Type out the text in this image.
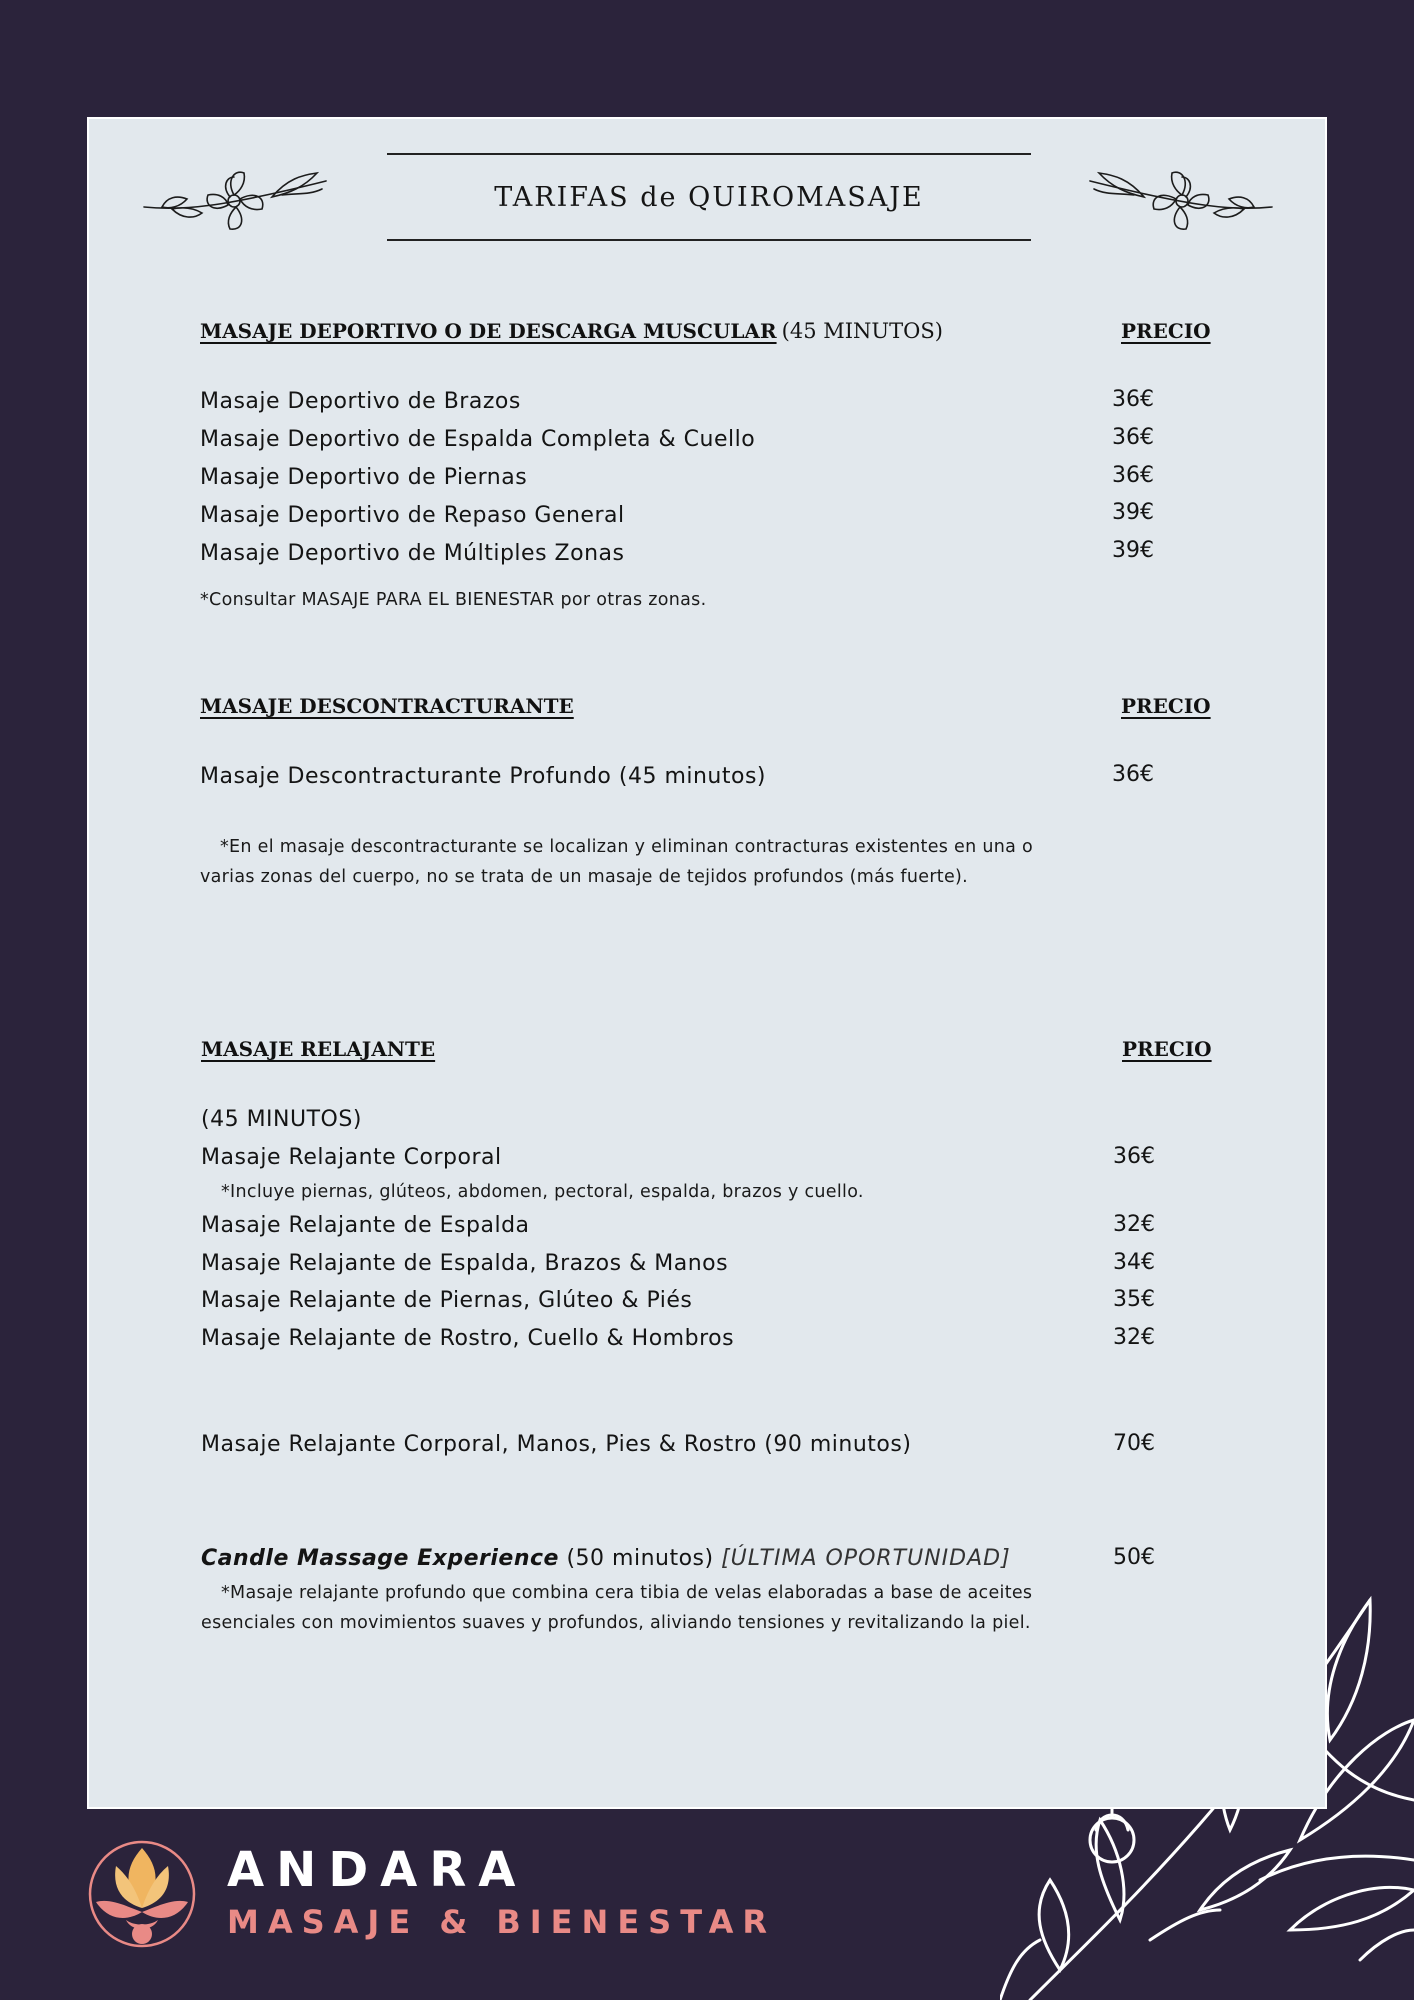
TARIFAS de QUIROMASAJE
MASAJE DEPORTIVO O DE DESCARGA MUSCULAR (45 MINUTOS)	PRECIO
Masaje Deportivo de Brazos	36€
Masaje Deportivo de Espalda Completa & Cuello	36€
Masaje Deportivo de Piernas	36€
Masaje Deportivo de Repaso General	39€
Masaje Deportivo de Múltiples Zonas	39€
*Consultar MASAJE PARA EL BIENESTAR por otras zonas.
MASAJE DESCONTRACTURANTE	PRECIO
Masaje Descontracturante Profundo (45 minutos)	36€
*En el masaje descontracturante se localizan y eliminan contracturas existentes en una o varias zonas del cuerpo, no se trata de un masaje de tejidos profundos (más fuerte).
MASAJE RELAJANTE	PRECIO
(45 MINUTOS)
Masaje Relajante Corporal	36€
*Incluye piernas, glúteos, abdomen, pectoral, espalda, brazos y cuello.
Masaje Relajante de Espalda	32€
Masaje Relajante de Espalda, Brazos & Manos	34€
Masaje Relajante de Piernas, Glúteo & Piés	35€
Masaje Relajante de Rostro, Cuello & Hombros	32€
Masaje Relajante Corporal, Manos, Pies & Rostro (90 minutos)	70€
Candle Massage Experience (50 minutos) [ÚLTIMA OPORTUNIDAD]	50€
*Masaje relajante profundo que combina cera tibia de velas elaboradas a base de aceites esenciales con movimientos suaves y profundos, aliviando tensiones y revitalizando la piel.
ANDARA
MASAJE & BIENESTAR
